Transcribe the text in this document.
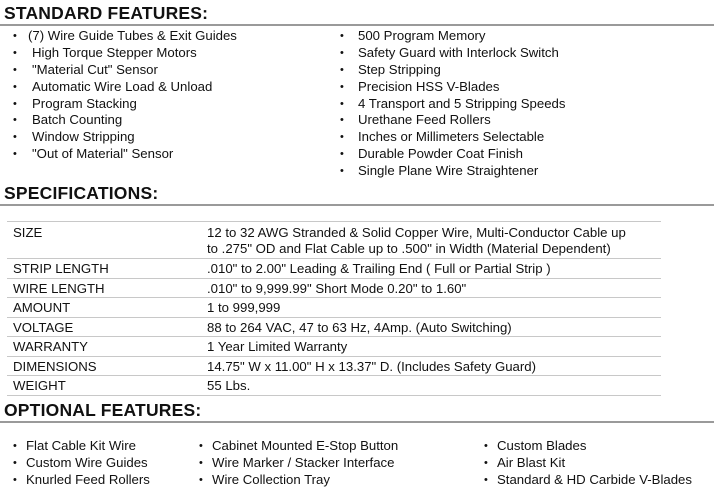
STANDARD FEATURES:
• (7) Wire Guide Tubes & Exit Guides
• High Torque Stepper Motors
• "Material Cut" Sensor
• Automatic Wire Load & Unload
• Program Stacking
• Batch Counting
• Window Stripping
• "Out of Material" Sensor
• 500 Program Memory
• Safety Guard with Interlock Switch
• Step Stripping
• Precision HSS V-Blades
• 4 Transport and 5 Stripping Speeds
• Urethane Feed Rollers
• Inches or Millimeters Selectable
• Durable Powder Coat Finish
• Single Plane Wire Straightener
SPECIFICATIONS:
SIZE	12 to 32 AWG Stranded & Solid Copper Wire, Multi-Conductor Cable up
to .275" OD and Flat Cable up to .500" in Width (Material Dependent)

STRIP LENGTH	.010" to 2.00" Leading & Trailing End ( Full or Partial Strip )
WIRE LENGTH	.010" to 9,999.99" Short Mode 0.20" to 1.60"
AMOUNT	1 to 999,999
VOLTAGE	88 to 264 VAC, 47 to 63 Hz, 4Amp. (Auto Switching)
WARRANTY	1 Year Limited Warranty
DIMENSIONS	14.75" W x 11.00" H x 13.37" D. (Includes Safety Guard)
WEIGHT	55 Lbs.
OPTIONAL FEATURES:
• Flat Cable Kit Wire
• Custom Wire Guides
• Knurled Feed Rollers
• Cabinet Mounted E-Stop Button
• Wire Marker / Stacker Interface
• Wire Collection Tray
• Custom Blades
• Air Blast Kit
• Standard & HD Carbide V-Blades
